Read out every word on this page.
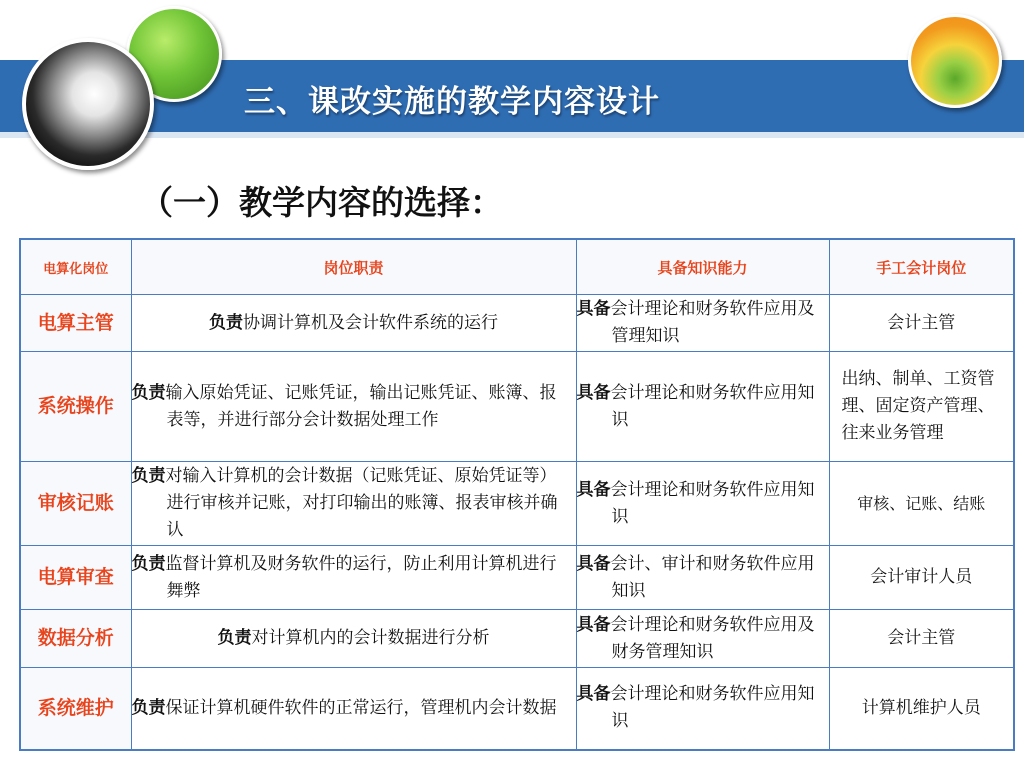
三、课改实施的教学内容设计
（一）教学内容的选择：
电算化岗位	岗位职责	具备知识能力	手工会计岗位
电算主管	负责协调计算机及会计软件系统的运行	具备会计理论和财务软件应用及管理知识	会计主管
系统操作	负责输入原始凭证、记账凭证，输出记账凭证、账簿、报表等，并进行部分会计数据处理工作	具备会计理论和财务软件应用知识	出纳、制单、工资管理、固定资产管理、往来业务管理
审核记账	负责对输入计算机的会计数据（记账凭证、原始凭证等）进行审核并记账，对打印输出的账簿、报表审核并确认	具备会计理论和财务软件应用知识	审核、记账、结账
电算审查	负责监督计算机及财务软件的运行，防止利用计算机进行舞弊	具备会计、审计和财务软件应用知识	会计审计人员
数据分析	负责对计算机内的会计数据进行分析	具备会计理论和财务软件应用及财务管理知识	会计主管
系统维护	负责保证计算机硬件软件的正常运行，管理机内会计数据	具备会计理论和财务软件应用知识	计算机维护人员
